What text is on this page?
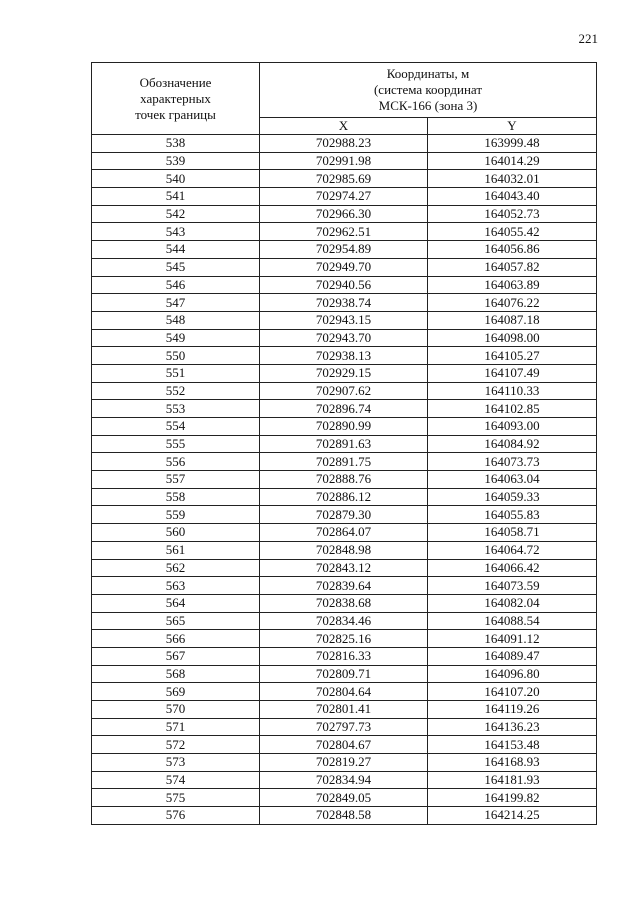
221
Обозначение
характерных
точек границы	Координаты, м
(система координат
МСК-166 (зона 3)	

	X	Y
538	702988.23	163999.48
539	702991.98	164014.29
540	702985.69	164032.01
541	702974.27	164043.40
542	702966.30	164052.73
543	702962.51	164055.42
544	702954.89	164056.86
545	702949.70	164057.82
546	702940.56	164063.89
547	702938.74	164076.22
548	702943.15	164087.18
549	702943.70	164098.00
550	702938.13	164105.27
551	702929.15	164107.49
552	702907.62	164110.33
553	702896.74	164102.85
554	702890.99	164093.00
555	702891.63	164084.92
556	702891.75	164073.73
557	702888.76	164063.04
558	702886.12	164059.33
559	702879.30	164055.83
560	702864.07	164058.71
561	702848.98	164064.72
562	702843.12	164066.42
563	702839.64	164073.59
564	702838.68	164082.04
565	702834.46	164088.54
566	702825.16	164091.12
567	702816.33	164089.47
568	702809.71	164096.80
569	702804.64	164107.20
570	702801.41	164119.26
571	702797.73	164136.23
572	702804.67	164153.48
573	702819.27	164168.93
574	702834.94	164181.93
575	702849.05	164199.82
576	702848.58	164214.25
